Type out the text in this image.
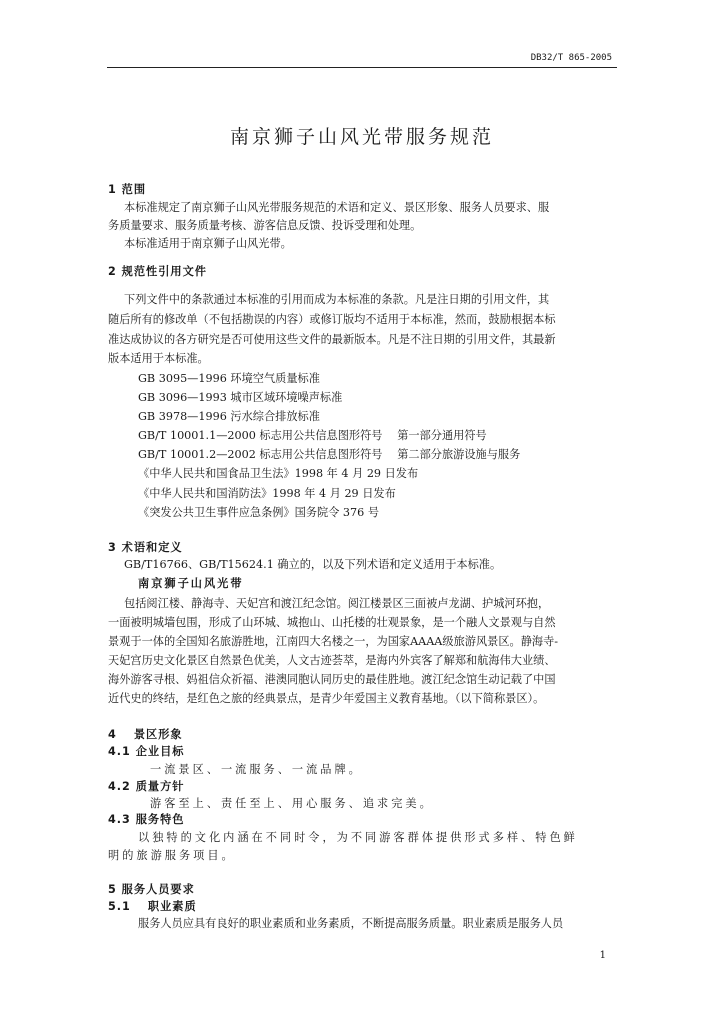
DB32/T 865-2005
南京狮子山风光带服务规范
1 范围
本标准规定了南京狮子山风光带服务规范的术语和定义、景区形象、服务人员要求、服
务质量要求、服务质量考核、游客信息反馈、投诉受理和处理。
本标准适用于南京狮子山风光带。
2 规范性引用文件
下列文件中的条款通过本标准的引用而成为本标准的条款。凡是注日期的引用文件，其
随后所有的修改单（不包括勘误的内容）或修订版均不适用于本标准，然而，鼓励根据本标
准达成协议的各方研究是否可使用这些文件的最新版本。凡是不注日期的引用文件，其最新
版本适用于本标准。
GB 3095—1996 环境空气质量标准
GB 3096—1993 城市区域环境噪声标准
GB 3978—1996 污水综合排放标准
GB/T 10001.1—2000 标志用公共信息图形符号　 第一部分通用符号
GB/T 10001.2—2002 标志用公共信息图形符号　 第二部分旅游设施与服务
《中华人民共和国食品卫生法》1998 年 4 月 29 日发布
《中华人民共和国消防法》1998 年 4 月 29 日发布
《突发公共卫生事件应急条例》国务院令 376 号
3 术语和定义
GB/T16766、GB/T15624.1 确立的，以及下列术语和定义适用于本标准。
南京狮子山风光带
包括阅江楼、静海寺、天妃宫和渡江纪念馆。阅江楼景区三面被卢龙湖、护城河环抱，
一面被明城墙包围，形成了山环城、城抱山、山托楼的壮观景象，是一个融人文景观与自然
景观于一体的全国知名旅游胜地，江南四大名楼之一，为国家AAAA级旅游风景区。静海寺-
天妃宫历史文化景区自然景色优美，人文古迹荟萃，是海内外宾客了解郑和航海伟大业绩、
海外游客寻根、妈祖信众祈福、港澳同胞认同历史的最佳胜地。渡江纪念馆生动记载了中国
近代史的终结，是红色之旅的经典景点，是青少年爱国主义教育基地。（以下简称景区）。
4　 景区形象
4.1 企业目标
一流景区、一流服务、一流品牌。
4.2 质量方针
游客至上、责任至上、用心服务、追求完美。
4.3 服务特色
以独特的文化内涵在不同时令，为不同游客群体提供形式多样、特色鲜
明的旅游服务项目。
5 服务人员要求
5.1　 职业素质
服务人员应具有良好的职业素质和业务素质，不断提高服务质量。职业素质是服务人员
1
